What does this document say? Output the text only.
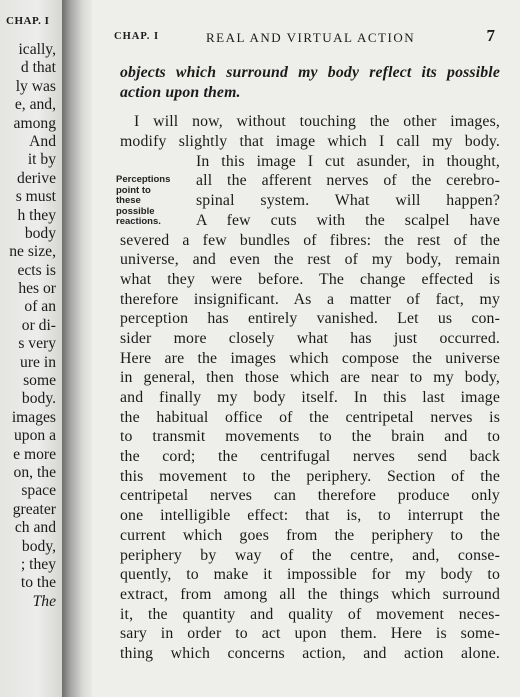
CHAP. I
ically,
d that
ly was
e, and,
among
And
it by
derive
s must
h they
body
ne size,
ects is
hes or
of an
or di-
s very
ure in
some
body.
images
upon a
e more
on, the
space
greater
ch and
body,
; they
to the
The
CHAP. I	REAL AND VIRTUAL ACTION	7
Perceptions
point to
these
possible
reactions.
objects which surround my body reflect its possible
action upon them.
I will now, without touching the other images,
modify slightly that image which I call my body.
In this image I cut asunder, in thought,
all the afferent nerves of the cerebro-
spinal system. What will happen?
A few cuts with the scalpel have
severed a few bundles of fibres: the rest of the
universe, and even the rest of my body, remain
what they were before. The change effected is
therefore insignificant. As a matter of fact, my
perception has entirely vanished. Let us con-
sider more closely what has just occurred.
Here are the images which compose the universe
in general, then those which are near to my body,
and finally my body itself. In this last image
the habitual office of the centripetal nerves is
to transmit movements to the brain and to
the cord; the centrifugal nerves send back
this movement to the periphery. Section of the
centripetal nerves can therefore produce only
one intelligible effect: that is, to interrupt the
current which goes from the periphery to the
periphery by way of the centre, and, conse-
quently, to make it impossible for my body to
extract, from among all the things which surround
it, the quantity and quality of movement neces-
sary in order to act upon them. Here is some-
thing which concerns action, and action alone.
